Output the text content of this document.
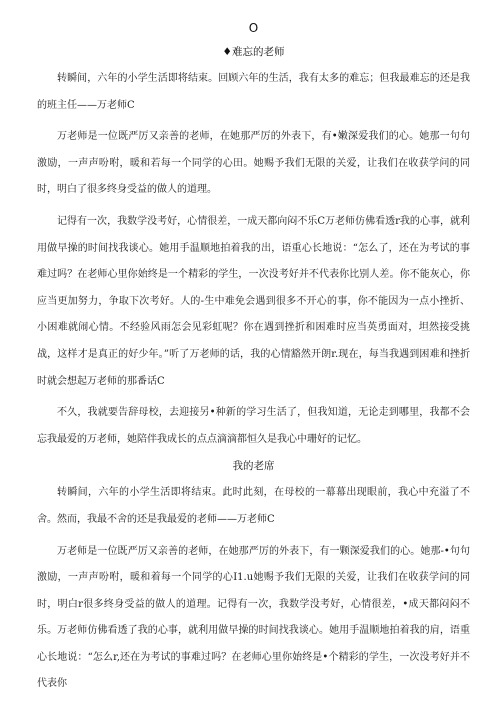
O
♦难忘的老师

转瞬间，六年的小学生活即将结束。回顾六年的生活，我有太多的难忘；但我最难忘的还是我的班主任——万老师C

万老师是一位既严厉又亲善的老师，在她那严厉的外表下，有•嫩深爱我们的心。她那一句句激励，一声声吩咐，暖和若每一个同学的心田。她赐予我们无限的关爱，让我们在收获学问的同时，明白了很多终身受益的做人的道理。

记得有一次，我数学没考好，心情很差，一成天都向闷不乐C万老师仿佛看透r我的心事，就利用做早操的时间找我谈心。她用手温顺地拍着我的出，语重心长地说：“怎么了，还在为考试的事难过吗？在老师心里你始终是一个精彩的学生，一次没考好并不代表你比别人差。你不能灰心，你应当更加努力，争取下次考好。人的-生中难免会遇到很多不开心的事，你不能因为一点小挫折、小困难就闹心情。不经验风雨怎会见彩虹呢？你在遇到挫折和困难时应当英勇面对，坦然接受挑战，这样才是真正的好少年。”听了万老师的话，我的心情豁然开朗r.现在，每当我遇到困难和挫折时就会想起万老师的那番话C

不久，我就要告辞母校，去迎接另•种新的学习生活了，但我知道，无论走到哪里，我都不会忘我最爱的万老师，她陪伴我成长的点点滴滴都恒久是我心中珊好的记忆。

我的老席

转瞬间，六年的小学生活即将结束。此时此刻，在母校的一幕幕出现眼前，我心中充溢了不舍。然而，我最不舍的还是我最爱的老师——万老师C

万老师是一位既严厉又亲善的老师，在她那严厉的外表下，有一颗深爱我们的心。她那-•句句激励，一声声吩咐，暖和着每一个同学的心I1.u她赐予我们无限的关爱，让我们在收获学问的同时，明白r很多终身受益的做人的道理。记得有一次，我数学没考好，心情很差，•成天都闷闷不乐。万老师仿佛看透了我的心事，就利用做早操的时间找我谈心。她用手温顺地拍着我的肩，语重心长地说：“怎么r,还在为考试的事难过吗？在老师心里你始终是•个精彩的学生，一次没考好并不代表你
